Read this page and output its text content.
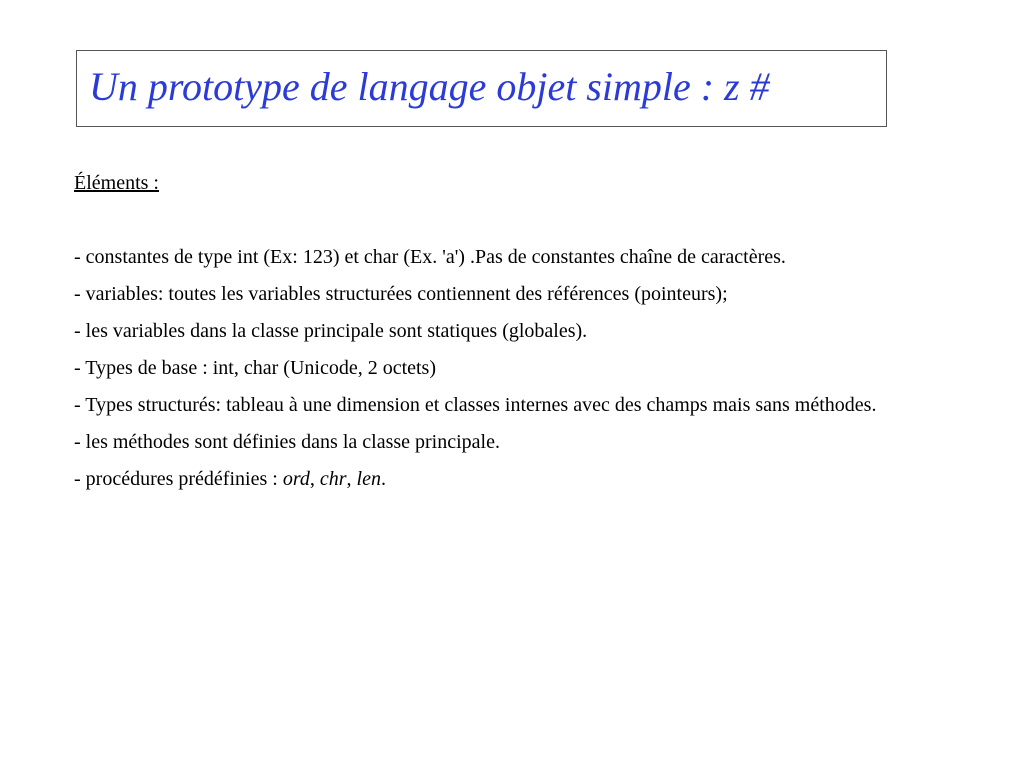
Un prototype de langage objet simple : z #
Éléments :
- constantes de type int (Ex: 123) et char (Ex. 'a') .Pas de constantes chaîne de caractères.
- variables: toutes les variables structurées contiennent des références (pointeurs);
- les variables dans la classe principale sont statiques (globales).
- Types de base : int, char (Unicode, 2 octets)
- Types structurés: tableau à une dimension et classes internes avec des champs mais sans méthodes.
- les méthodes sont définies dans la classe principale.
- procédures prédéfinies : ord, chr, len.
